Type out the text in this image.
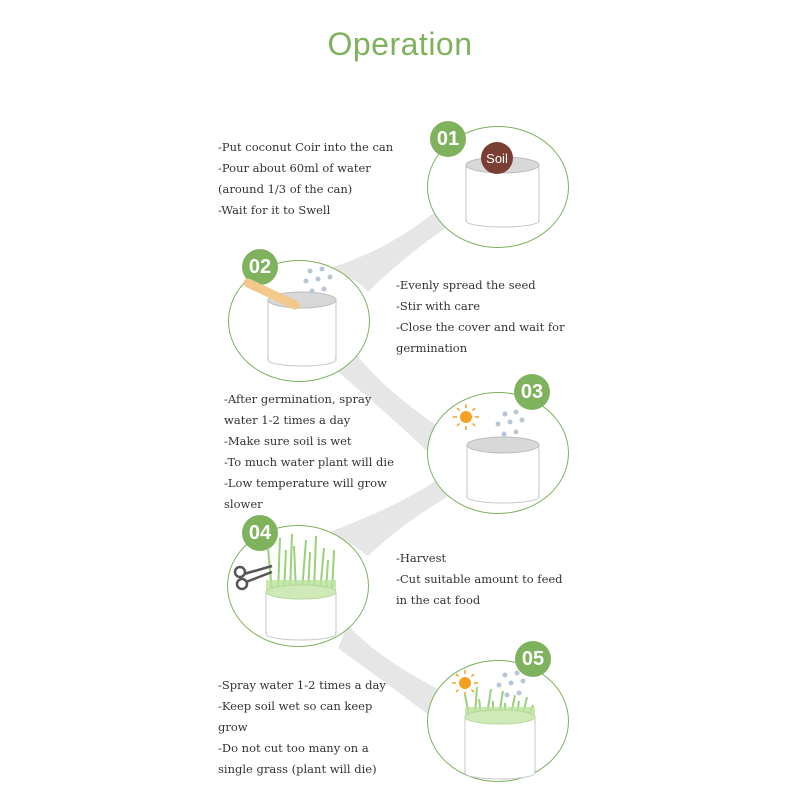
Operation
01
Soil
-Put coconut Coir into the can
-Pour about 60ml of water
(around 1/3 of the can)
-Wait for it to Swell
02
-Evenly spread the seed
-Stir with care
-Close the cover and wait for
germination
03
-After germination, spray
water 1-2 times a day
-Make sure soil is wet
-To much water plant will die
-Low temperature will grow
slower
04
-Harvest
-Cut suitable amount to feed
in the cat food
05
-Spray water 1-2 times a day
-Keep soil wet so can keep
grow
-Do not cut too many on a
single grass (plant will die)
